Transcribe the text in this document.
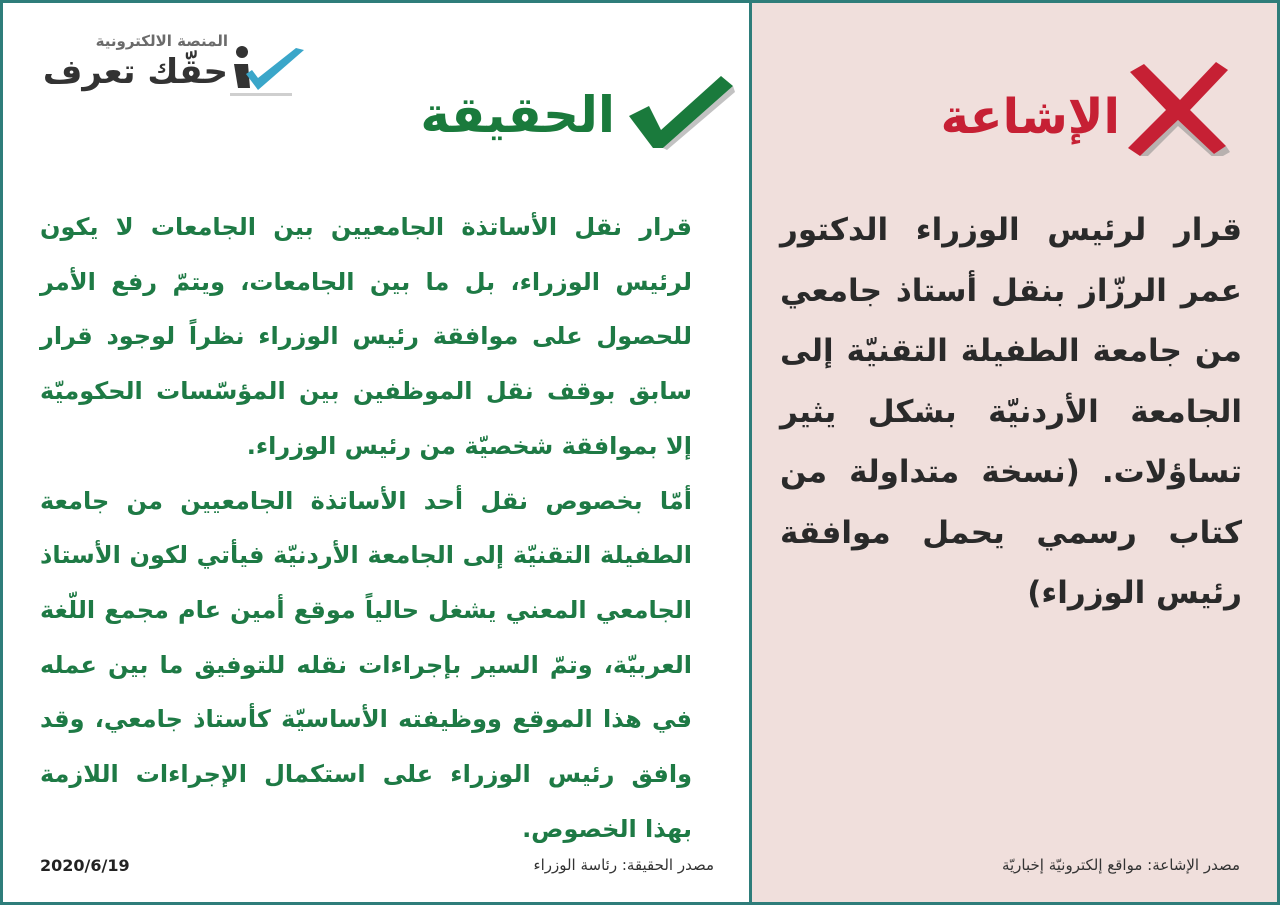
المنصة الالكترونية
حقّك تعرف
الحقيقة	الإشاعة

قرار نقل الأساتذة الجامعيين بين الجامعات لا يكون لرئيس الوزراء، بل ما بين الجامعات، ويتمّ رفع الأمر للحصول على موافقة رئيس الوزراء نظراً لوجود قرار سابق بوقف نقل الموظفين بين المؤسّسات الحكوميّة إلا بموافقة شخصيّة من رئيس الوزراء.

أمّا بخصوص نقل أحد الأساتذة الجامعيين من جامعة الطفيلة التقنيّة إلى الجامعة الأردنيّة فيأتي لكون الأستاذ الجامعي المعني يشغل حالياً موقع أمين عام مجمع اللّغة العربيّة، وتمّ السير بإجراءات نقله للتوفيق ما بين عمله في هذا الموقع ووظيفته الأساسيّة كأستاذ جامعي، وقد وافق رئيس الوزراء على استكمال الإجراءات اللازمة بهذا الخصوص.

قرار لرئيس الوزراء الدكتور عمر الرزّاز بنقل أستاذ جامعي من جامعة الطفيلة التقنيّة إلى الجامعة الأردنيّة بشكل يثير تساؤلات. (نسخة متداولة من كتاب رسمي يحمل موافقة رئيس الوزراء)
مصدر الحقيقة: رئاسة الوزراء
2020/6/19	مصدر الإشاعة: مواقع إلكترونيّة إخباريّة
